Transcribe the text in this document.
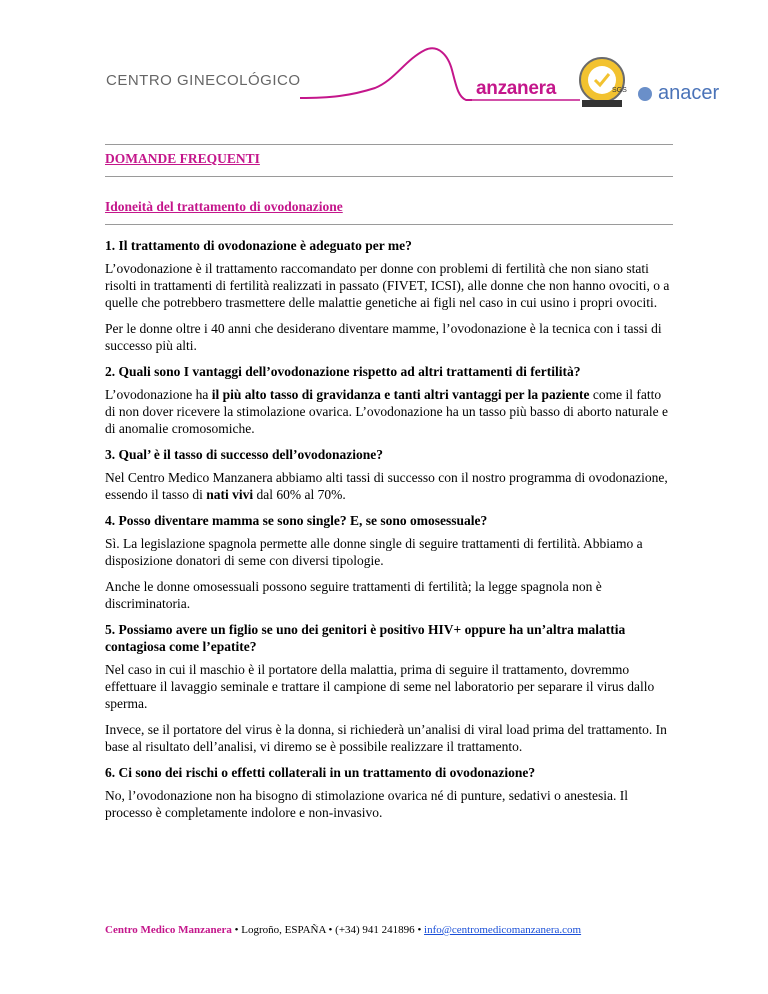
CENTRO GINECOLÓGICO	anzanera	SGS anacer
DOMANDE FREQUENTI
Idoneità del trattamento di ovodonazione
1. Il trattamento di ovodonazione è adeguato per me?
L’ovodonazione è il trattamento raccomandato per donne con problemi di fertilità che non siano stati risolti in trattamenti di fertilità realizzati in passato (FIVET, ICSI), alle donne che non hanno ovociti, o a quelle che potrebbero trasmettere delle malattie genetiche ai figli nel caso in cui usino i propri ovociti.
Per le donne oltre i 40 anni che desiderano diventare mamme, l’ovodonazione è la tecnica con i tassi di successo più alti.
2. Quali sono I vantaggi dell’ovodonazione rispetto ad altri trattamenti di fertilità?
L’ovodonazione ha il più alto tasso di gravidanza e tanti altri vantaggi per la paziente come il fatto di non dover ricevere la stimolazione ovarica. L’ovodonazione ha un tasso più basso di aborto naturale e di anomalie cromosomiche.
3. Qual’ è il tasso di successo dell’ovodonazione?
Nel Centro Medico Manzanera abbiamo alti tassi di successo con il nostro programma di ovodonazione, essendo il tasso di nati vivi dal 60% al 70%.
4. Posso diventare mamma se sono single? E, se sono omosessuale?
Sì. La legislazione spagnola permette alle donne single di seguire trattamenti di fertilità. Abbiamo a disposizione donatori di seme con diversi tipologie.
Anche le donne omosessuali possono seguire trattamenti di fertilità; la legge spagnola non è discriminatoria.
5. Possiamo avere un figlio se uno dei genitori è positivo HIV+ oppure ha un’altra malattia contagiosa come l’epatite?
Nel caso in cui il maschio è il portatore della malattia, prima di seguire il trattamento, dovremmo effettuare il lavaggio seminale e trattare il campione di seme nel laboratorio per separare il virus dallo sperma.
Invece, se il portatore del virus è la donna, si richiederà un’analisi di viral load prima del trattamento. In base al risultato dell’analisi, vi diremo se è possibile realizzare il trattamento.
6. Ci sono dei rischi o effetti collaterali in un trattamento di ovodonazione?
No, l’ovodonazione non ha bisogno di stimolazione ovarica né di punture, sedativi o anestesia. Il processo è completamente indolore e non-invasivo.
Centro Medico Manzanera • Logroño, ESPAÑA • (+34) 941 241896 • info@centromedicomanzanera.com
